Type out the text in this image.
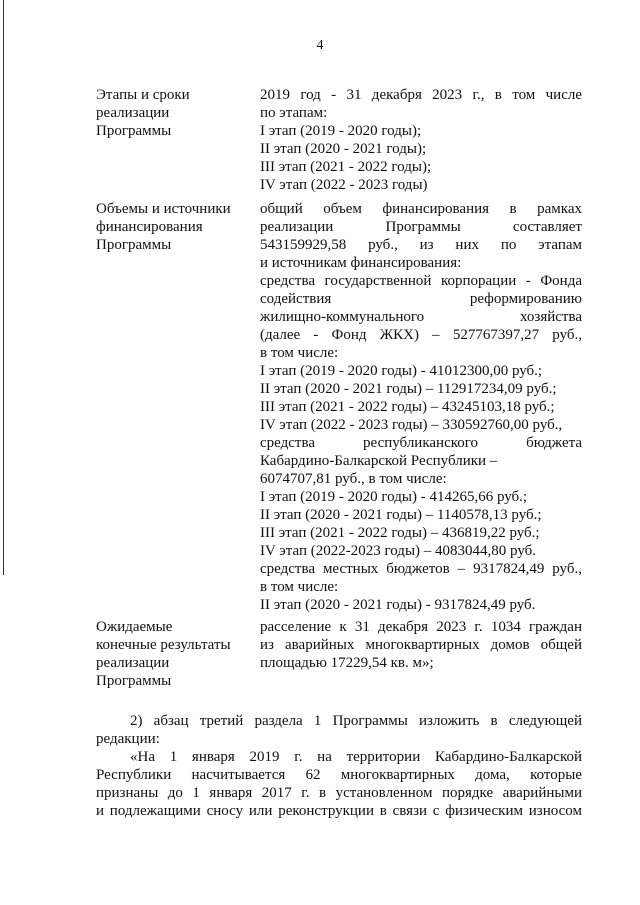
4
Этапы и сроки
реализации
Программы
2019 год - 31 декабря 2023 г., в том числе
по этапам:
I этап (2019 - 2020 годы);
II этап (2020 - 2021 годы);
III этап (2021 - 2022 годы);
IV этап (2022 - 2023 годы)
Объемы и источники
финансирования
Программы
общий объем финансирования в рамках
реализации Программы составляет
543159929,58 руб., из них по этапам
и источникам финансирования:
средства государственной корпорации - Фонда
содействия реформированию
жилищно-коммунального хозяйства
(далее - Фонд ЖКХ) – 527767397,27 руб.,
в том числе:
I этап (2019 - 2020 годы) - 41012300,00 руб.;
II этап (2020 - 2021 годы) – 112917234,09 руб.;
III этап (2021 - 2022 годы) – 43245103,18 руб.;
IV этап (2022 - 2023 годы) – 330592760,00 руб.,
средства республиканского бюджета
Кабардино-Балкарской Республики –
6074707,81 руб., в том числе:
I этап (2019 - 2020 годы) - 414265,66 руб.;
II этап (2020 - 2021 годы) – 1140578,13 руб.;
III этап (2021 - 2022 годы) – 436819,22 руб.;
IV этап (2022-2023 годы) – 4083044,80 руб.
средства местных бюджетов – 9317824,49 руб.,
в том числе:
II этап (2020 - 2021 годы) - 9317824,49 руб.
Ожидаемые
конечные результаты
реализации
Программы
расселение к 31 декабря 2023 г. 1034 граждан
из аварийных многоквартирных домов общей
площадью 17229,54 кв. м»;
2) абзац третий раздела 1 Программы изложить в следующей
редакции:
«На 1 января 2019 г. на территории Кабардино-Балкарской
Республики насчитывается 62 многоквартирных дома, которые
признаны до 1 января 2017 г. в установленном порядке аварийными
и подлежащими сносу или реконструкции в связи с физическим износом
